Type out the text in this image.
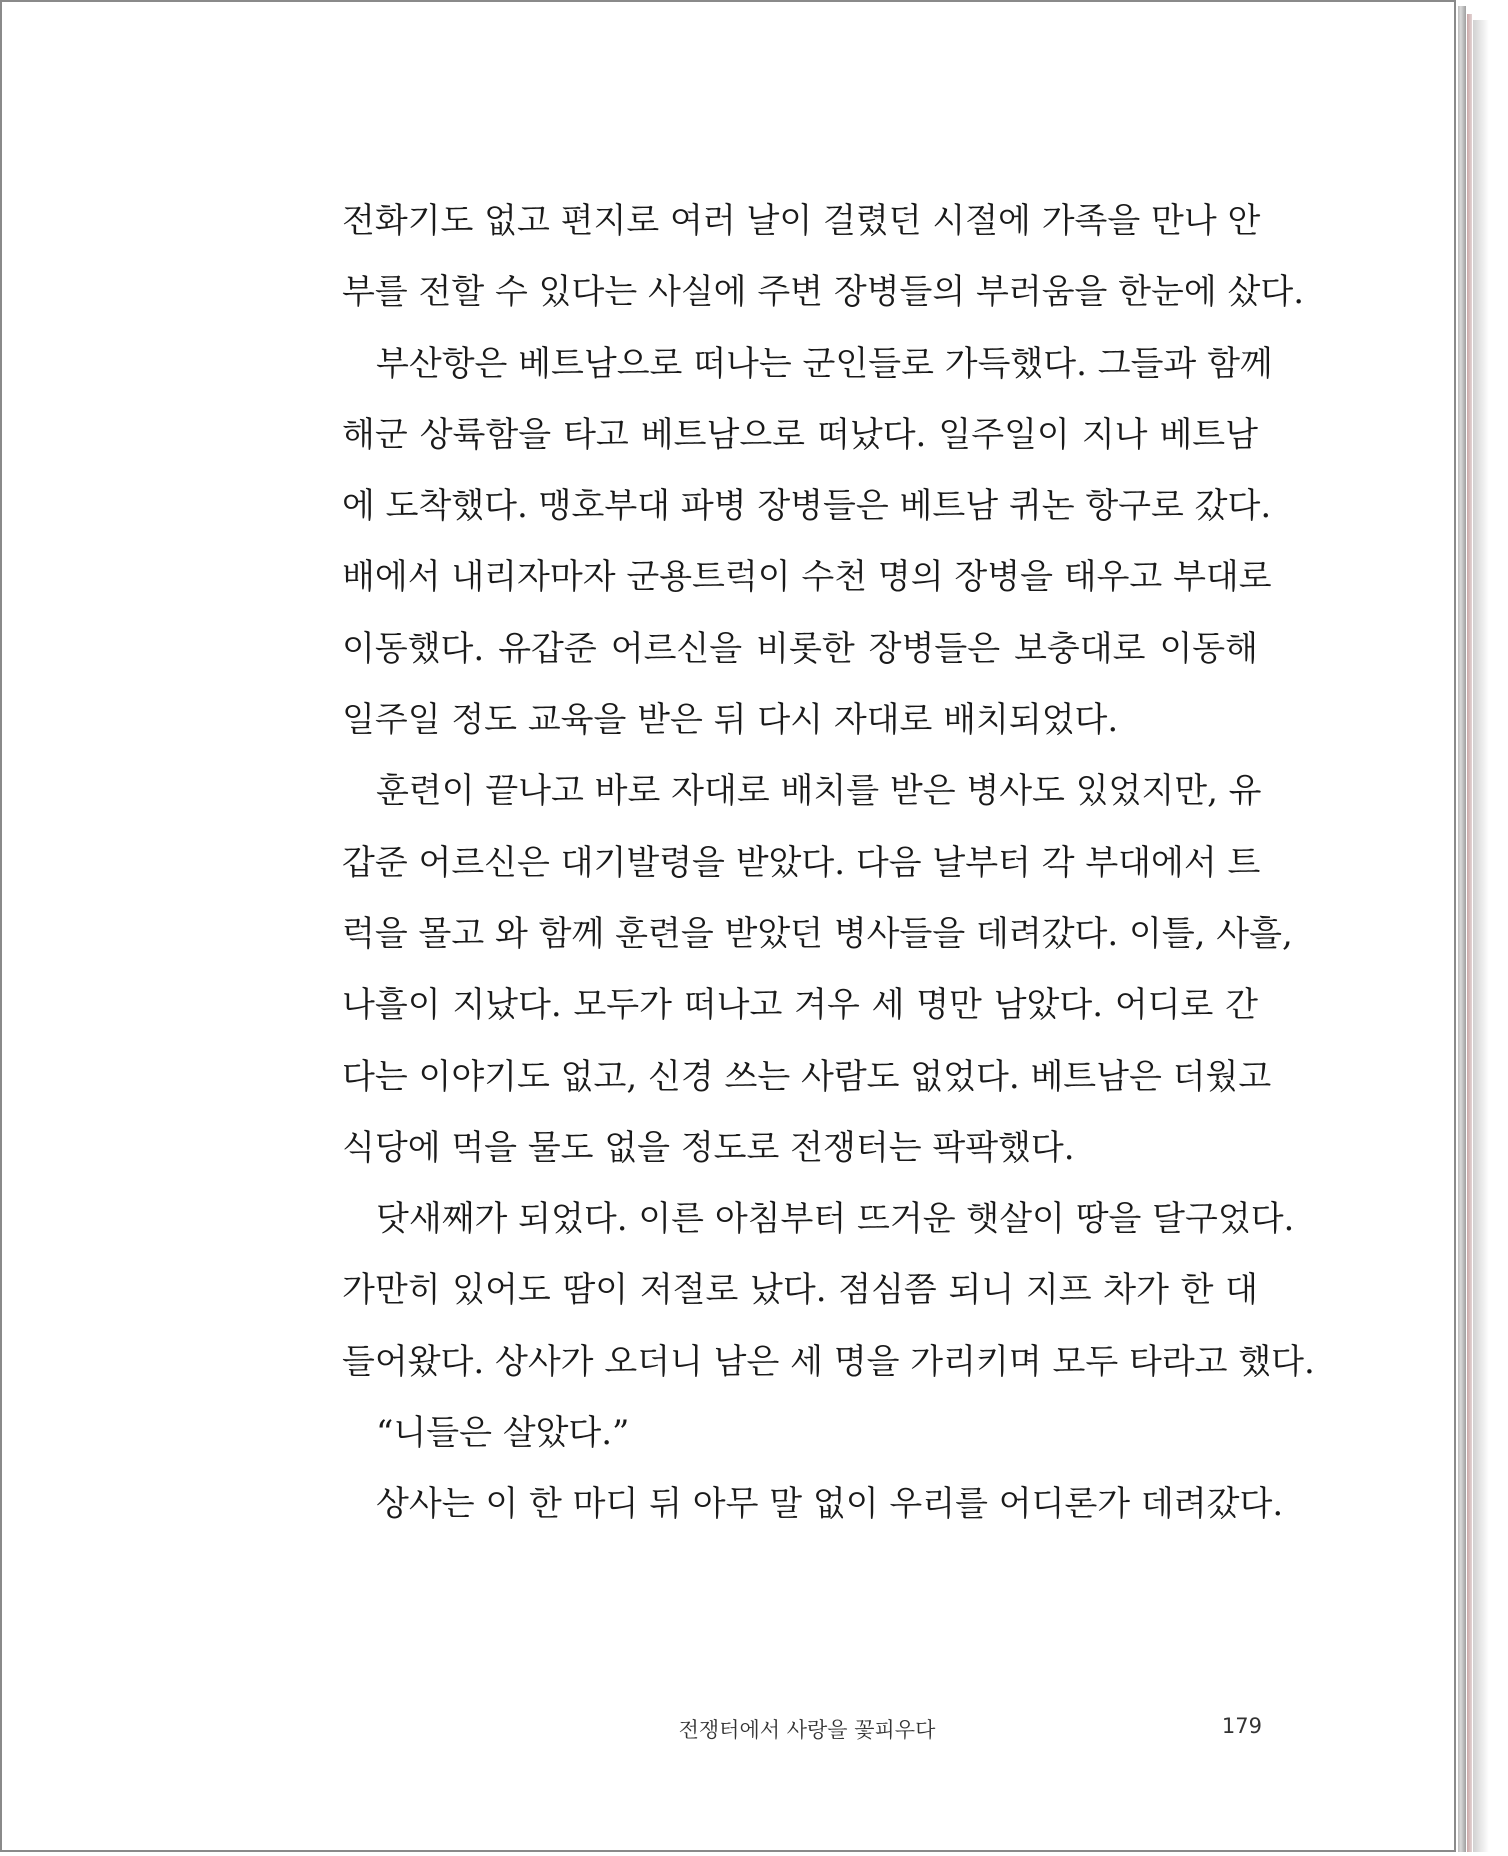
전화기도 없고 편지로 여러 날이 걸렸던 시절에 가족을 만나 안
부를 전할 수 있다는 사실에 주변 장병들의 부러움을 한눈에 샀다.
부산항은 베트남으로 떠나는 군인들로 가득했다. 그들과 함께
해군 상륙함을 타고 베트남으로 떠났다. 일주일이 지나 베트남
에 도착했다. 맹호부대 파병 장병들은 베트남 퀴논 항구로 갔다.
배에서 내리자마자 군용트럭이 수천 명의 장병을 태우고 부대로
이동했다. 유갑준 어르신을 비롯한 장병들은 보충대로 이동해
일주일 정도 교육을 받은 뒤 다시 자대로 배치되었다.
훈련이 끝나고 바로 자대로 배치를 받은 병사도 있었지만, 유
갑준 어르신은 대기발령을 받았다. 다음 날부터 각 부대에서 트
럭을 몰고 와 함께 훈련을 받았던 병사들을 데려갔다. 이틀, 사흘,
나흘이 지났다. 모두가 떠나고 겨우 세 명만 남았다. 어디로 간
다는 이야기도 없고, 신경 쓰는 사람도 없었다. 베트남은 더웠고
식당에 먹을 물도 없을 정도로 전쟁터는 팍팍했다.
닷새째가 되었다. 이른 아침부터 뜨거운 햇살이 땅을 달구었다.
가만히 있어도 땀이 저절로 났다. 점심쯤 되니 지프 차가 한 대
들어왔다. 상사가 오더니 남은 세 명을 가리키며 모두 타라고 했다.
“니들은 살았다.”
상사는 이 한 마디 뒤 아무 말 없이 우리를 어디론가 데려갔다.
전쟁터에서 사랑을 꽃피우다	179
